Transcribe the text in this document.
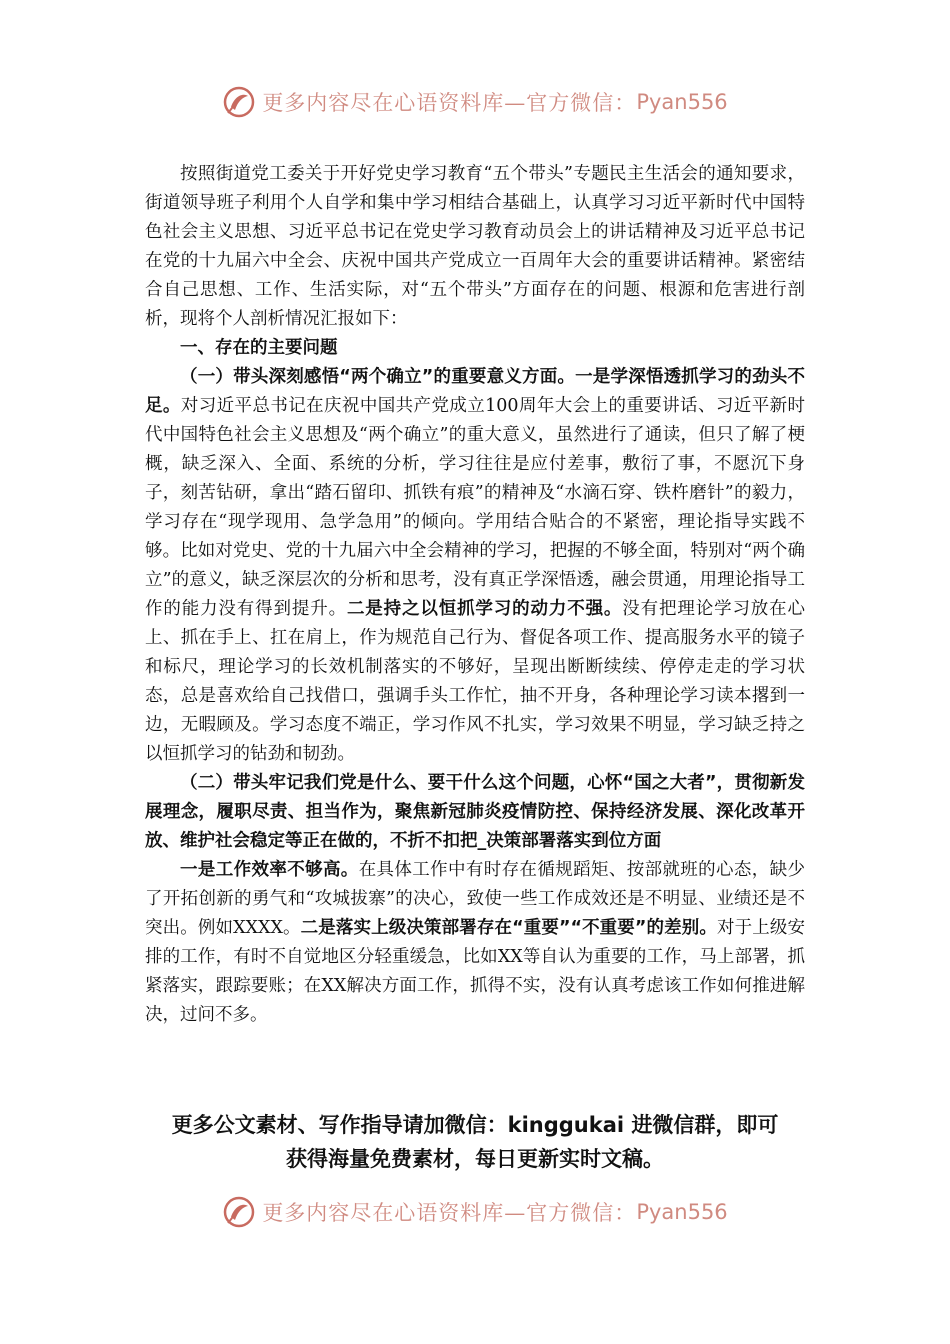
更多内容尽在心语资料库—官方微信： Pyan556

按照街道党工委关于开好党史学习教育“五个带头”专题民主生活会的通知要求，街道领导班子利用个人自学和集中学习相结合基础上，认真学习习近平新时代中国特色社会主义思想、习近平总书记在党史学习教育动员会上的讲话精神及习近平总书记在党的十九届六中全会、庆祝中国共产党成立一百周年大会的重要讲话精神。紧密结合自己思想、工作、生活实际，对“五个带头”方面存在的问题、根源和危害进行剖析，现将个人剖析情况汇报如下：

一、存在的主要问题

（一）带头深刻感悟“两个确立”的重要意义方面。一是学深悟透抓学习的劲头不足。对习近平总书记在庆祝中国共产党成立100周年大会上的重要讲话、习近平新时代中国特色社会主义思想及“两个确立”的重大意义，虽然进行了通读，但只了解了梗概，缺乏深入、全面、系统的分析，学习往往是应付差事，敷衍了事，不愿沉下身子，刻苦钻研，拿出“踏石留印、抓铁有痕”的精神及“水滴石穿、铁杵磨针”的毅力，学习存在“现学现用、急学急用”的倾向。学用结合贴合的不紧密，理论指导实践不够。比如对党史、党的十九届六中全会精神的学习，把握的不够全面，特别对“两个确立”的意义，缺乏深层次的分析和思考，没有真正学深悟透，融会贯通，用理论指导工作的能力没有得到提升。二是持之以恒抓学习的动力不强。没有把理论学习放在心上、抓在手上、扛在肩上，作为规范自己行为、督促各项工作、提高服务水平的镜子和标尺，理论学习的长效机制落实的不够好，呈现出断断续续、停停走走的学习状态，总是喜欢给自己找借口，强调手头工作忙，抽不开身，各种理论学习读本撂到一边，无暇顾及。学习态度不端正，学习作风不扎实，学习效果不明显，学习缺乏持之以恒抓学习的钻劲和韧劲。

（二）带头牢记我们党是什么、要干什么这个问题，心怀“国之大者”，贯彻新发展理念，履职尽责、担当作为，聚焦新冠肺炎疫情防控、保持经济发展、深化改革开放、维护社会稳定等正在做的，不折不扣把_决策部署落实到位方面

一是工作效率不够高。在具体工作中有时存在循规蹈矩、按部就班的心态，缺少了开拓创新的勇气和“攻城拔寨”的决心，致使一些工作成效还是不明显、业绩还是不突出。例如XXXX。二是落实上级决策部署存在“重要”“不重要”的差别。对于上级安排的工作，有时不自觉地区分轻重缓急，比如XX等自认为重要的工作，马上部署，抓紧落实，跟踪要账；在XX解决方面工作，抓得不实，没有认真考虑该工作如何推进解决，过问不多。

更多公文素材、写作指导请加微信：kinggukai 进微信群，即可
获得海量免费素材，每日更新实时文稿。
更多内容尽在心语资料库—官方微信： Pyan556
